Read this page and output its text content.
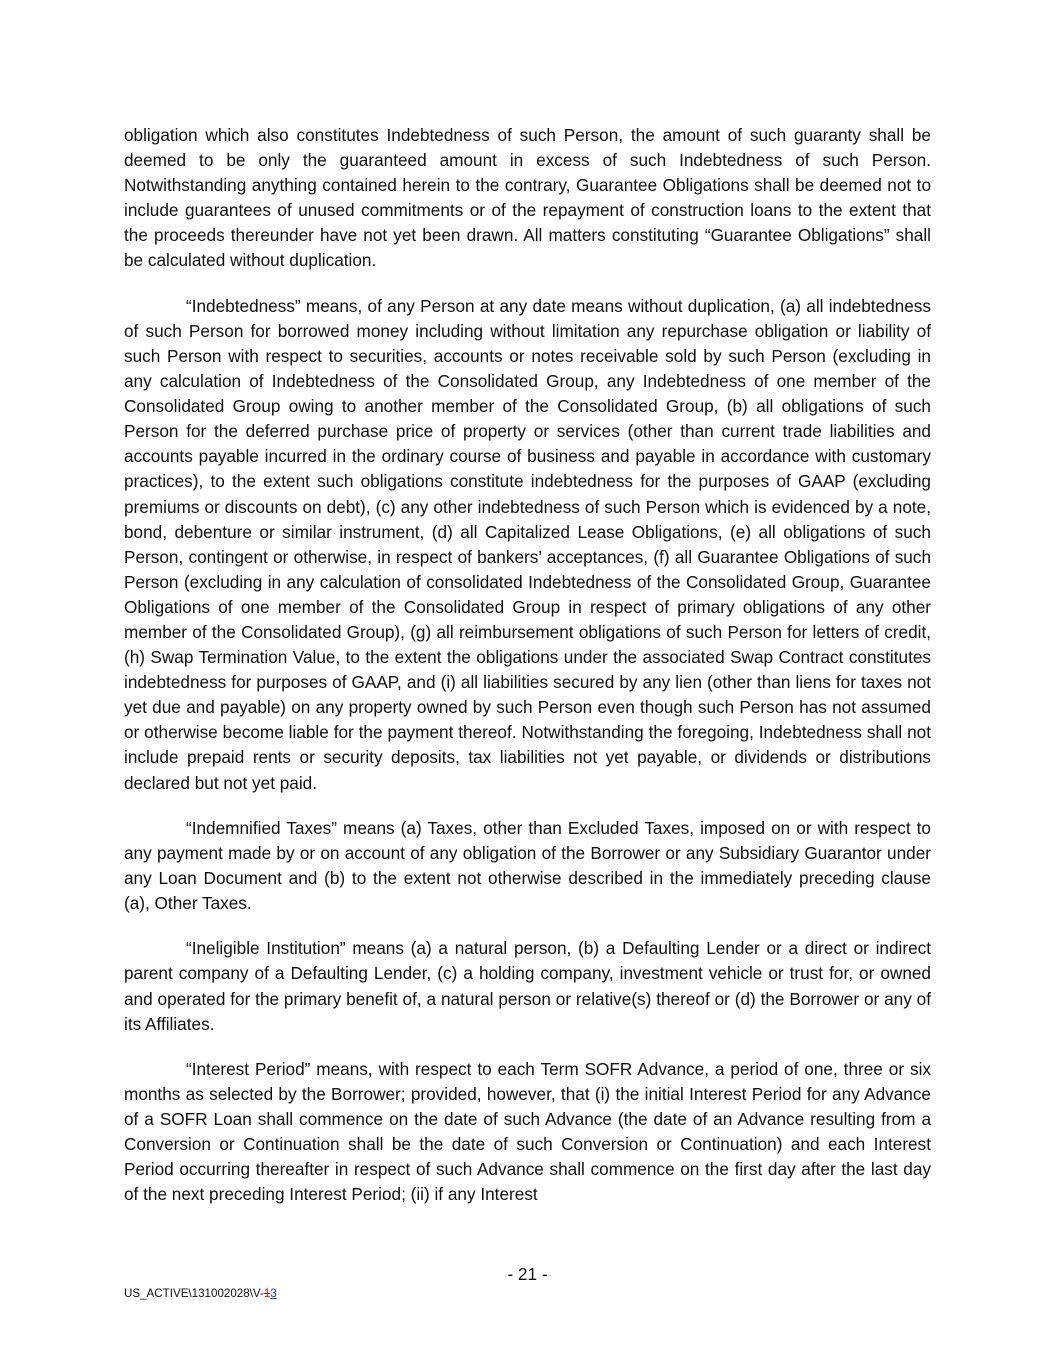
obligation which also constitutes Indebtedness of such Person, the amount of such guaranty shall be deemed to be only the guaranteed amount in excess of such Indebtedness of such Person. Notwithstanding anything contained herein to the contrary, Guarantee Obligations shall be deemed not to include guarantees of unused commitments or of the repayment of construction loans to the extent that the proceeds thereunder have not yet been drawn. All matters constituting “Guarantee Obligations” shall be calculated without duplication.

“Indebtedness” means, of any Person at any date means without duplication, (a) all indebtedness of such Person for borrowed money including without limitation any repurchase obligation or liability of such Person with respect to securities, accounts or notes receivable sold by such Person (excluding in any calculation of Indebtedness of the Consolidated Group, any Indebtedness of one member of the Consolidated Group owing to another member of the Consolidated Group, (b) all obligations of such Person for the deferred purchase price of property or services (other than current trade liabilities and accounts payable incurred in the ordinary course of business and payable in accordance with customary practices), to the extent such obligations constitute indebtedness for the purposes of GAAP (excluding premiums or discounts on debt), (c) any other indebtedness of such Person which is evidenced by a note, bond, debenture or similar instrument, (d) all Capitalized Lease Obligations, (e) all obligations of such Person, contingent or otherwise, in respect of bankers’ acceptances, (f) all Guarantee Obligations of such Person (excluding in any calculation of consolidated Indebtedness of the Consolidated Group, Guarantee Obligations of one member of the Consolidated Group in respect of primary obligations of any other member of the Consolidated Group), (g) all reimbursement obligations of such Person for letters of credit, (h) Swap Termination Value, to the extent the obligations under the associated Swap Contract constitutes indebtedness for purposes of GAAP, and (i) all liabilities secured by any lien (other than liens for taxes not yet due and payable) on any property owned by such Person even though such Person has not assumed or otherwise become liable for the payment thereof. Notwithstanding the foregoing, Indebtedness shall not include prepaid rents or security deposits, tax liabilities not yet payable, or dividends or distributions declared but not yet paid.

“Indemnified Taxes” means (a) Taxes, other than Excluded Taxes, imposed on or with respect to any payment made by or on account of any obligation of the Borrower or any Subsidiary Guarantor under any Loan Document and (b) to the extent not otherwise described in the immediately preceding clause (a), Other Taxes.

“Ineligible Institution” means (a) a natural person, (b) a Defaulting Lender or a direct or indirect parent company of a Defaulting Lender, (c) a holding company, investment vehicle or trust for, or owned and operated for the primary benefit of, a natural person or relative(s) thereof or (d) the Borrower or any of its Affiliates.

“Interest Period” means, with respect to each Term SOFR Advance, a period of one, three or six months as selected by the Borrower; provided, however, that (i) the initial Interest Period for any Advance of a SOFR Loan shall commence on the date of such Advance (the date of an Advance resulting from a Conversion or Continuation shall be the date of such Conversion or Continuation) and each Interest Period occurring thereafter in respect of such Advance shall commence on the first day after the last day of the next preceding Interest Period; (ii) if any Interest

- 21 -
US_ACTIVE\131002028\V-13
